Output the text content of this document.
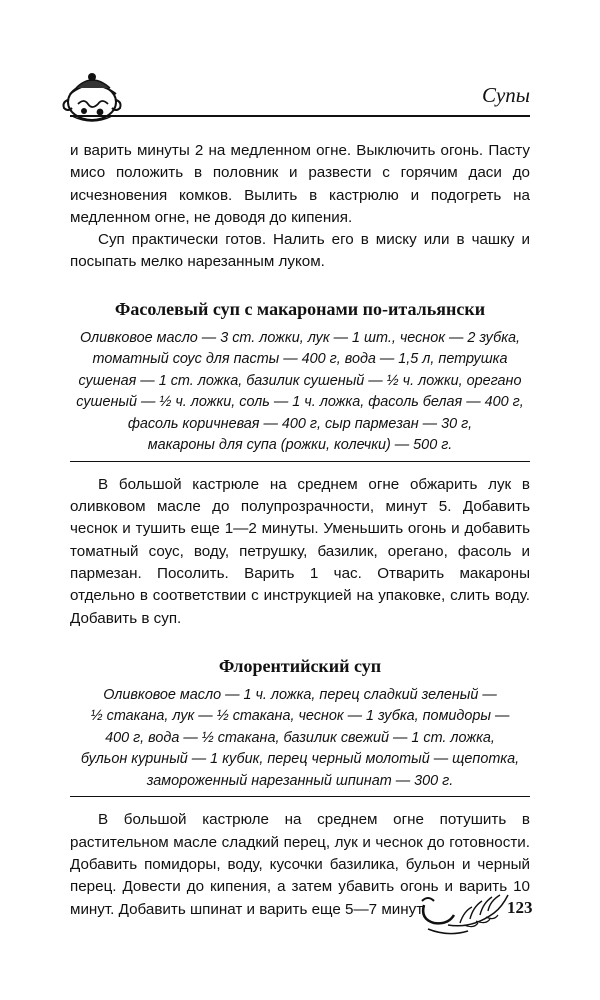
Супы

и варить минуты 2 на медленном огне. Выключить огонь. Пасту мисо положить в половник и развести с горячим даси до исчезновения комков. Вылить в кастрюлю и подогреть на медленном огне, не доводя до кипения.

Суп практически готов. Налить его в миску или в чашку и посыпать мелко нарезанным луком.

Фасолевый суп с макаронами по-итальянски
Оливковое масло — 3 ст. ложки, лук — 1 шт., чеснок — 2 зубка,
томатный соус для пасты — 400 г, вода — 1,5 л, петрушка
сушеная — 1 ст. ложка, базилик сушеный — ½ ч. ложки, орегано
сушеный — ½ ч. ложки, соль — 1 ч. ложка, фасоль белая — 400 г,
фасоль коричневая — 400 г, сыр пармезан — 30 г,
макароны для супа (рожки, колечки) — 500 г.

В большой кастрюле на среднем огне обжарить лук в оливковом масле до полупрозрачности, минут 5. Добавить чеснок и тушить еще 1—2 минуты. Уменьшить огонь и добавить томатный соус, воду, петрушку, базилик, орегано, фасоль и пармезан. Посолить. Варить 1 час. Отварить макароны отдельно в соответствии с инструкцией на упаковке, слить воду. Добавить в суп.

Флорентийский суп
Оливковое масло — 1 ч. ложка, перец сладкий зеленый —
½ стакана, лук — ½ стакана, чеснок — 1 зубка, помидоры —
400 г, вода — ½ стакана, базилик свежий — 1 ст. ложка,
бульон куриный — 1 кубик, перец черный молотый — щепотка,
замороженный нарезанный шпинат — 300 г.

В большой кастрюле на среднем огне потушить в растительном масле сладкий перец, лук и чеснок до готовности. Добавить помидоры, воду, кусочки базилика, бульон и черный перец. Довести до кипения, а затем убавить огонь и варить 10 минут. Добавить шпинат и варить еще 5—7 минут.	123
